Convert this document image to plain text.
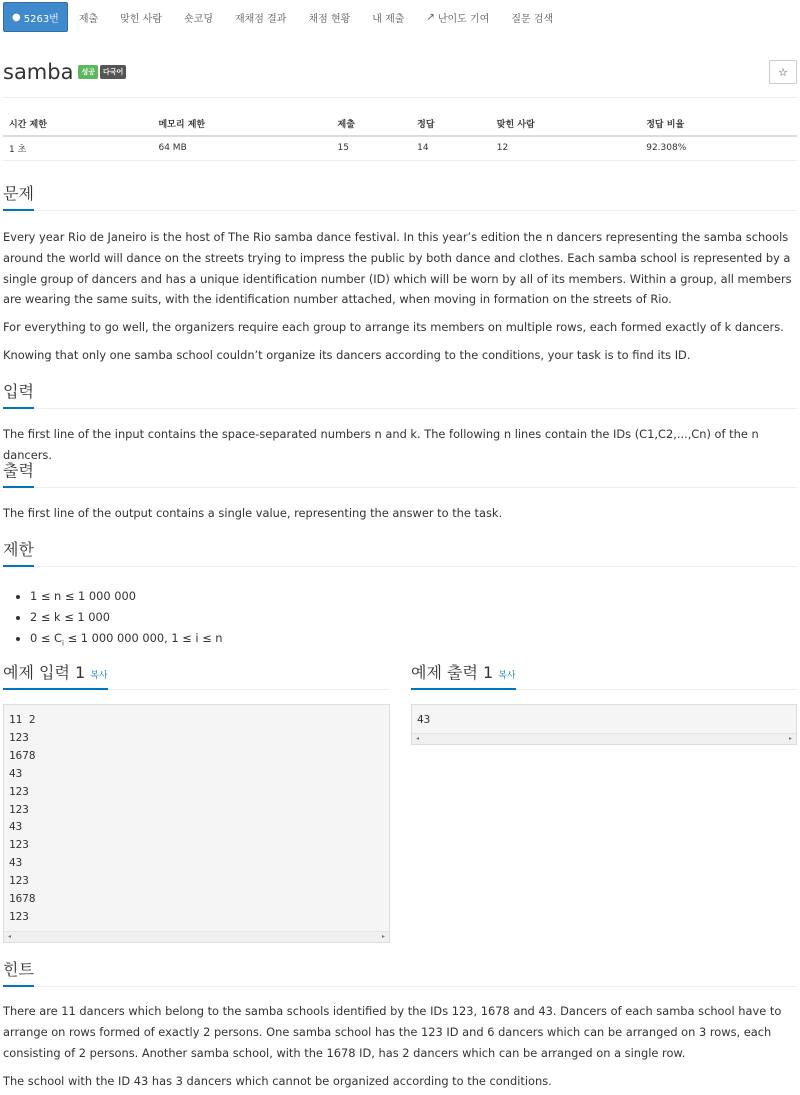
● 5263번	제출	맞힌 사람	숏코딩	재채점 결과	채점 현황	내 제출	↗ 난이도 기여	질문 검색
samba	성공	다국어	☆
시간 제한	메모리 제한	제출	정답	맞힌 사람	정답 비율
1 초	64 MB	15	14	12	92.308%
문제

Every year Rio de Janeiro is the host of The Rio samba dance festival. In this year’s edition the n dancers representing the samba schools around the world will dance on the streets trying to impress the public by both dance and clothes. Each samba school is represented by a single group of dancers and has a unique identification number (ID) which will be worn by all of its members. Within a group, all members are wearing the same suits, with the identification number attached, when moving in formation on the streets of Rio.

For everything to go well, the organizers require each group to arrange its members on multiple rows, each formed exactly of k dancers.

Knowing that only one samba school couldn’t organize its dancers according to the conditions, your task is to find its ID.

입력

The first line of the input contains the space-separated numbers n and k. The following n lines contain the IDs (C1,C2,...,Cn) of the n dancers.

출력

The first line of the output contains a single value, representing the answer to the task.

제한
• 1 ≤ n ≤ 1 000 000
• 2 ≤ k ≤ 1 000
• $0 \le C_i \le 1$ 000 000 000, 1 ≤ i ≤ n
예제 입력 1 복사
11 2
123
1678
43
123
123
43
123
43
123
1678
123
◂	▸
예제 출력 1 복사
43
◂	▸
힌트

There are 11 dancers which belong to the samba schools identified by the IDs 123, 1678 and 43. Dancers of each samba school have to arrange on rows formed of exactly 2 persons. One samba school has the 123 ID and 6 dancers which can be arranged on 3 rows, each consisting of 2 persons. Another samba school, with the 1678 ID, has 2 dancers which can be arranged on a single row.

The school with the ID 43 has 3 dancers which cannot be organized according to the conditions.
